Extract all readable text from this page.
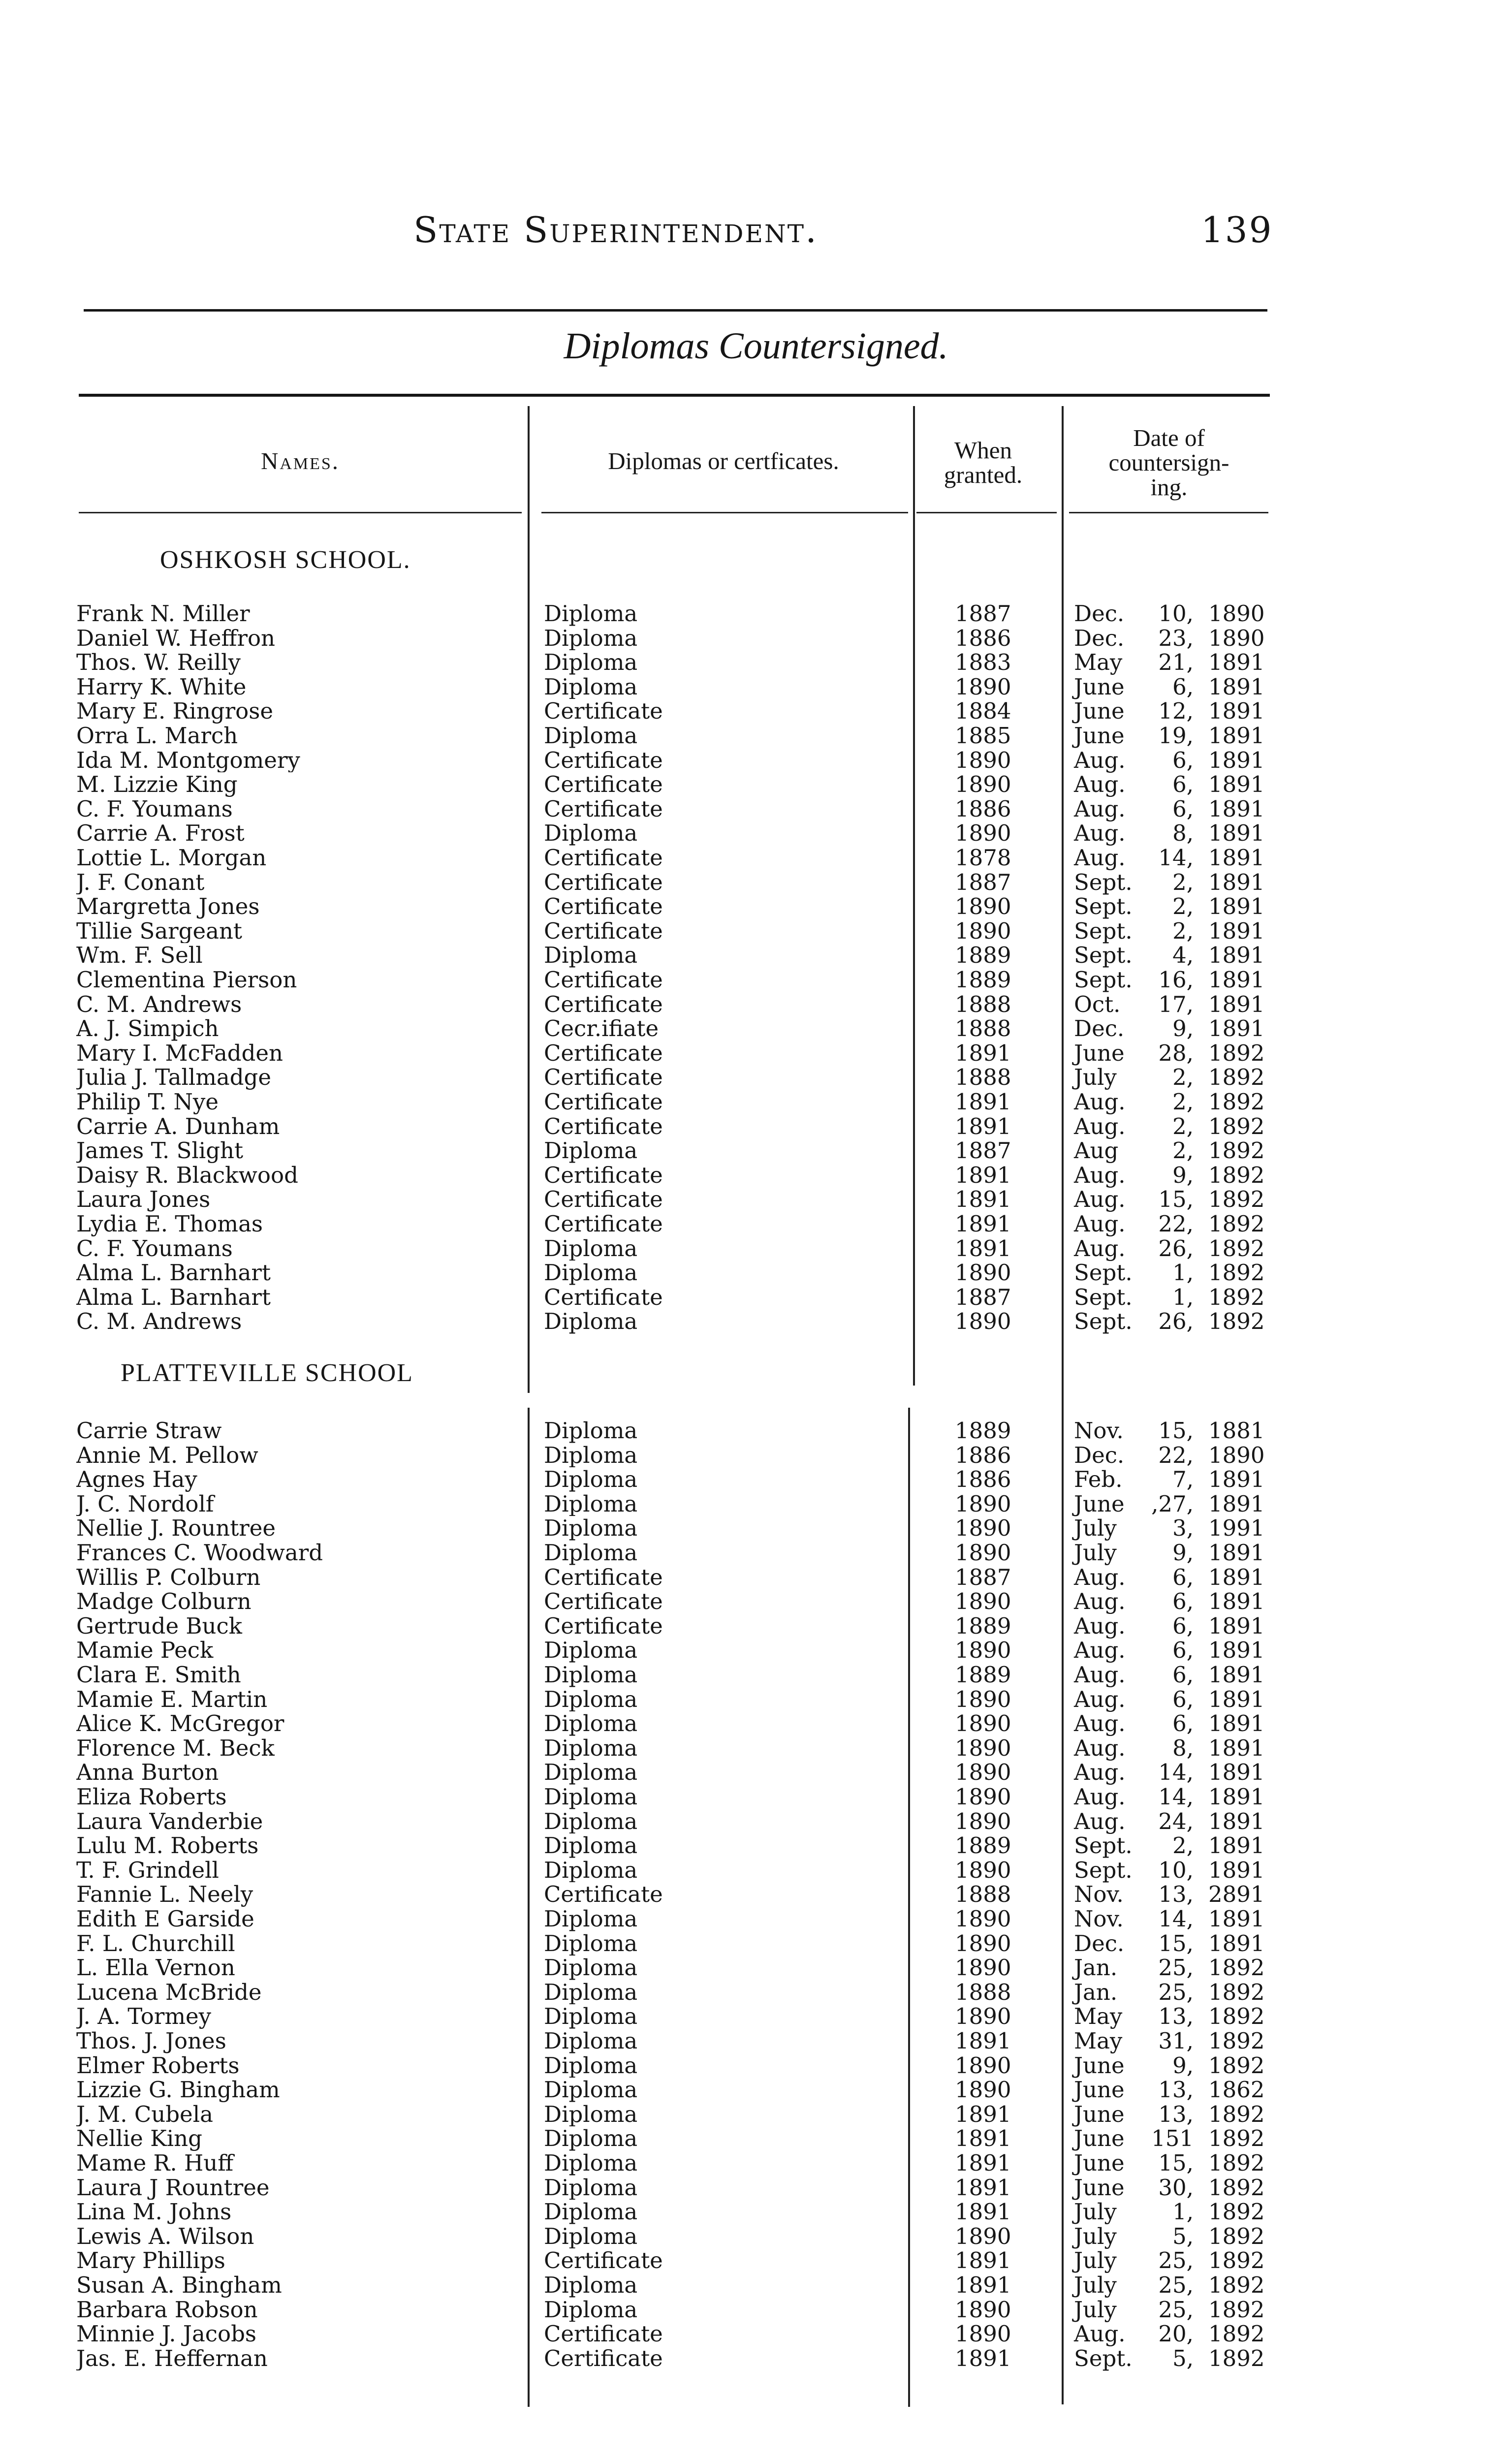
State Superintendent.	139
Diplomas Countersigned.
Names.	Diplomas or certficates.	When
granted.
Date of
countersign-
ing.
OSHKOSH SCHOOL.
PLATTEVILLE SCHOOL
Frank N. Miller	Diploma	1887	Dec.	10, 1890
Daniel W. Heffron	Diploma	1886	Dec.	23, 1890
Thos. W. Reilly	Diploma	1883	May	21, 1891
Harry K. White	Diploma	1890	June	6, 1891
Mary E. Ringrose	Certificate	1884	June	12, 1891
Orra L. March	Diploma	1885	June	19, 1891
Ida M. Montgomery	Certificate	1890	Aug.	6, 1891
M. Lizzie King	Certificate	1890	Aug.	6, 1891
C. F. Youmans	Certificate	1886	Aug.	6, 1891
Carrie A. Frost	Diploma	1890	Aug.	8, 1891
Lottie L. Morgan	Certificate	1878	Aug.	14, 1891
J. F. Conant	Certificate	1887	Sept.	2, 1891
Margretta Jones	Certificate	1890	Sept.	2, 1891
Tillie Sargeant	Certificate	1890	Sept.	2, 1891
Wm. F. Sell	Diploma	1889	Sept.	4, 1891
Clementina Pierson	Certificate	1889	Sept.	16, 1891
C. M. Andrews	Certificate	1888	Oct.	17, 1891
A. J. Simpich	Cecr.ifiate	1888	Dec.	9, 1891
Mary I. McFadden	Certificate	1891	June	28, 1892
Julia J. Tallmadge	Certificate	1888	July	2, 1892
Philip T. Nye	Certificate	1891	Aug.	2, 1892
Carrie A. Dunham	Certificate	1891	Aug.	2, 1892
James T. Slight	Diploma	1887	Aug	2, 1892
Daisy R. Blackwood	Certificate	1891	Aug.	9, 1892
Laura Jones	Certificate	1891	Aug.	15, 1892
Lydia E. Thomas	Certificate	1891	Aug.	22, 1892
C. F. Youmans	Diploma	1891	Aug.	26, 1892
Alma L. Barnhart	Diploma	1890	Sept.	1, 1892
Alma L. Barnhart	Certificate	1887	Sept.	1, 1892
C. M. Andrews	Diploma	1890	Sept.	26, 1892
Carrie Straw	Diploma	1889	Nov.	15, 1881
Annie M. Pellow	Diploma	1886	Dec.	22, 1890
Agnes Hay	Diploma	1886	Feb.	7, 1891
J. C. Nordolf	Diploma	1890	June ,27, 1891
Nellie J. Rountree	Diploma	1890	July	3, 1991
Frances C. Woodward	Diploma	1890	July	9, 1891
Willis P. Colburn	Certificate	1887	Aug.	6, 1891
Madge Colburn	Certificate	1890	Aug.	6, 1891
Gertrude Buck	Certificate	1889	Aug.	6, 1891
Mamie Peck	Diploma	1890	Aug.	6, 1891
Clara E. Smith	Diploma	1889	Aug.	6, 1891
Mamie E. Martin	Diploma	1890	Aug.	6, 1891
Alice K. McGregor	Diploma	1890	Aug.	6, 1891
Florence M. Beck	Diploma	1890	Aug.	8, 1891
Anna Burton	Diploma	1890	Aug.	14, 1891
Eliza Roberts	Diploma	1890	Aug.	14, 1891
Laura Vanderbie	Diploma	1890	Aug.	24, 1891
Lulu M. Roberts	Diploma	1889	Sept.	2, 1891
T. F. Grindell	Diploma	1890	Sept.	10, 1891
Fannie L. Neely	Certificate	1888	Nov.	13, 2891
Edith E Garside	Diploma	1890	Nov.	14, 1891
F. L. Churchill	Diploma	1890	Dec.	15, 1891
L. Ella Vernon	Diploma	1890	Jan.	25, 1892
Lucena McBride	Diploma	1888	Jan.	25, 1892
J. A. Tormey	Diploma	1890	May	13, 1892
Thos. J. Jones	Diploma	1891	May	31, 1892
Elmer Roberts	Diploma	1890	June	9, 1892
Lizzie G. Bingham	Diploma	1890	June	13, 1862
J. M. Cubela	Diploma	1891	June	13, 1892
Nellie King	Diploma	1891	June 151 1892
Mame R. Huff	Diploma	1891	June	15, 1892
Laura J Rountree	Diploma	1891	June	30, 1892
Lina M. Johns	Diploma	1891	July	1, 1892
Lewis A. Wilson	Diploma	1890	July	5, 1892
Mary Phillips	Certificate	1891	July	25, 1892
Susan A. Bingham	Diploma	1891	July	25, 1892
Barbara Robson	Diploma	1890	July	25, 1892
Minnie J. Jacobs	Certificate	1890	Aug.	20, 1892
Jas. E. Heffernan	Certificate	1891	Sept.	5, 1892
